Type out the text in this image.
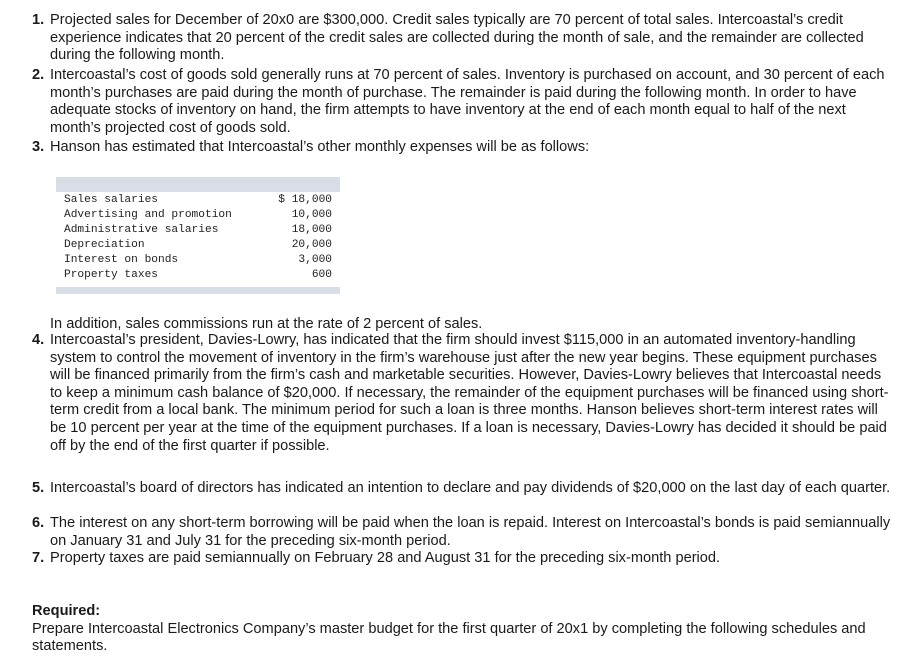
1. Projected sales for December of 20x0 are $300,000. Credit sales typically are 70 percent of total sales. Intercoastal’s credit experience indicates that 20 percent of the credit sales are collected during the month of sale, and the remainder are collected during the following month.
2. Intercoastal’s cost of goods sold generally runs at 70 percent of sales. Inventory is purchased on account, and 30 percent of each month’s purchases are paid during the month of purchase. The remainder is paid during the following month. In order to have adequate stocks of inventory on hand, the firm attempts to have inventory at the end of each month equal to half of the next month’s projected cost of goods sold.
3. Hanson has estimated that Intercoastal’s other monthly expenses will be as follows:
Sales salaries	$ 18,000
Advertising and promotion	10,000
Administrative salaries	18,000
Depreciation	20,000
Interest on bonds	3,000
Property taxes	600
In addition, sales commissions run at the rate of 2 percent of sales.
4. Intercoastal’s president, Davies-Lowry, has indicated that the firm should invest $115,000 in an automated inventory-handling system to control the movement of inventory in the firm’s warehouse just after the new year begins. These equipment purchases will be financed primarily from the firm’s cash and marketable securities. However, Davies-Lowry believes that Intercoastal needs to keep a minimum cash balance of $20,000. If necessary, the remainder of the equipment purchases will be financed using short-term credit from a local bank. The minimum period for such a loan is three months. Hanson believes short-term interest rates will be 10 percent per year at the time of the equipment purchases. If a loan is necessary, Davies-Lowry has decided it should be paid off by the end of the first quarter if possible.
5. Intercoastal’s board of directors has indicated an intention to declare and pay dividends of $20,000 on the last day of each quarter.
6. The interest on any short-term borrowing will be paid when the loan is repaid. Interest on Intercoastal’s bonds is paid semiannually on January 31 and July 31 for the preceding six-month period.
7. Property taxes are paid semiannually on February 28 and August 31 for the preceding six-month period.
Required:
Prepare Intercoastal Electronics Company’s master budget for the first quarter of 20x1 by completing the following schedules and statements.
